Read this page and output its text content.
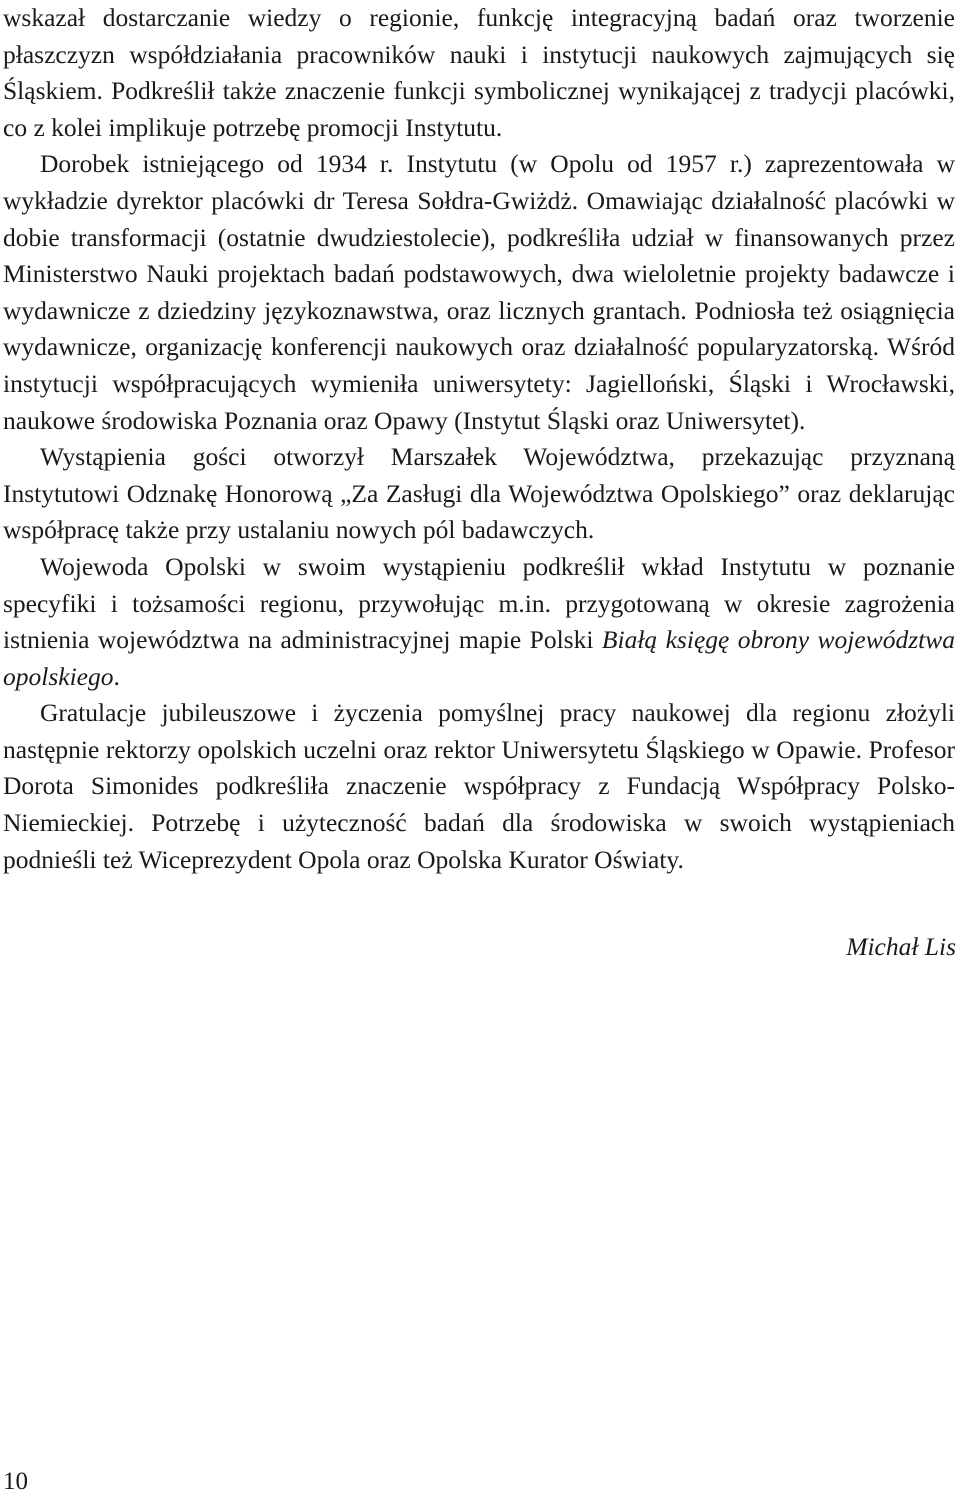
wskazał dostarczanie wiedzy o regionie, funkcję integracyjną badań oraz tworzenie płaszczyzn współdziałania pracowników nauki i instytucji naukowych zajmujących się Śląskiem. Podkreślił także znaczenie funkcji symbolicznej wynikającej z tradycji placówki, co z kolei implikuje potrzebę promocji Instytutu.

Dorobek istniejącego od 1934 r. Instytutu (w Opolu od 1957 r.) zaprezentowała w wykładzie dyrektor placówki dr Teresa Sołdra-Gwiżdż. Omawiając działalność placówki w dobie transformacji (ostatnie dwudziestolecie), podkreśliła udział w finansowanych przez Ministerstwo Nauki projektach badań podstawowych, dwa wieloletnie projekty badawcze i wydawnicze z dziedziny językoznawstwa, oraz licznych grantach. Podniosła też osiągnięcia wydawnicze, organizację konferencji naukowych oraz działalność popularyzatorską. Wśród instytucji współpracujących wymieniła uniwersytety: Jagielloński, Śląski i Wrocławski, naukowe środowiska Poznania oraz Opawy (Instytut Śląski oraz Uniwersytet).

Wystąpienia gości otworzył Marszałek Województwa, przekazując przyznaną Instytutowi Odznakę Honorową „Za Zasługi dla Województwa Opolskiego” oraz deklarując współpracę także przy ustalaniu nowych pól badawczych.

Wojewoda Opolski w swoim wystąpieniu podkreślił wkład Instytutu w poznanie specyfiki i tożsamości regionu, przywołując m.in. przygotowaną w okresie zagrożenia istnienia województwa na administracyjnej mapie Polski Białą księgę obrony województwa opolskiego.

Gratulacje jubileuszowe i życzenia pomyślnej pracy naukowej dla regionu złożyli następnie rektorzy opolskich uczelni oraz rektor Uniwersytetu Śląskiego w Opawie. Profesor Dorota Simonides podkreśliła znaczenie współpracy z Fundacją Współpracy Polsko-Niemieckiej. Potrzebę i użyteczność badań dla środowiska w swoich wystąpieniach podnieśli też Wiceprezydent Opola oraz Opolska Kurator Oświaty.

Michał Lis

10
